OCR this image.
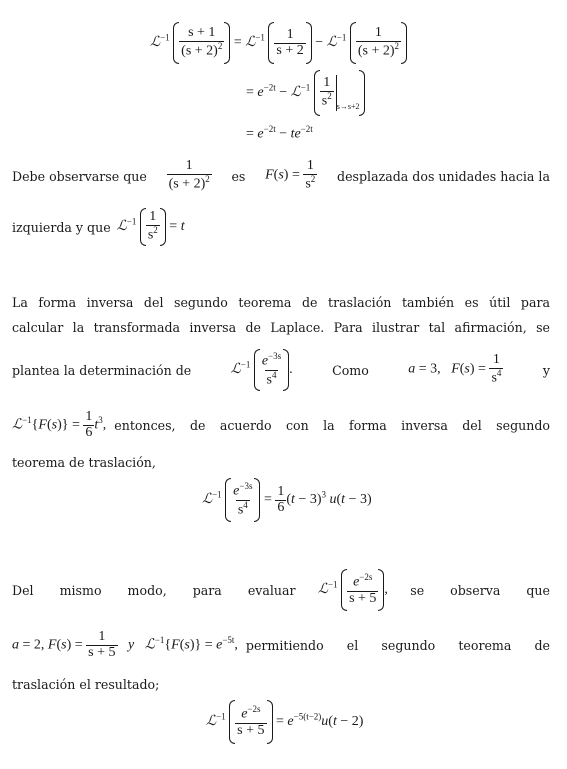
ℒ$^{-1}$ $\frac{s + 1}{(s + 2)^2}$ = ℒ$^{-1}$ $\frac{1}{s + 2}$ − ℒ$^{-1}$ $\frac{1}{(s + 2)^2}$
= $e^{-2t}$ − ℒ$^{-1}$ $\frac{1}{s^2} s\to s+2$
= $e^{-2t} - te^{-2t}$
Debe observarse que $\frac{1}{(s + 2)^2}$ es $F(s) = \frac{1}{s^2}$ desplazada dos unidades hacia la
izquierda y que ℒ$^{-1}$ $\frac{1}{s^2} = t$
La forma inversa del segundo teorema de traslación también es útil para
calcular la transformada inversa de Laplace. Para ilustrar tal afirmación, se
plantea la determinación de	ℒ$^{-1}$ $\frac{e^{-3s}}{s^4}$ .	Como	a = 3,   $F(s) = \frac{1}{s^4}$	y
ℒ$^{-1}${F(s)} = $\frac{1}{6} t^3$, entonces, de acuerdo con la forma inversa del segundo
teorema de traslación,
ℒ$^{-1}$ $\frac{e^{-3s}}{s^4} = \frac{1}{6} (t - 3)^3$ u(t − 3)
Del mismo modo, para evaluar ℒ$^{-1}$ $\frac{e^{-2s}}{s + 5}$ , se observa que
a = 2, $F(s) = \frac{1}{s + 5}$ y ℒ$^{-1}${F(s)} = $e^{-5t}$, permitiendo el segundo teorema de
traslación el resultado;
ℒ$^{-1}$ $\frac{e^{-2s}}{s + 5} = e^{-5(t-2)}u(t - 2)$
